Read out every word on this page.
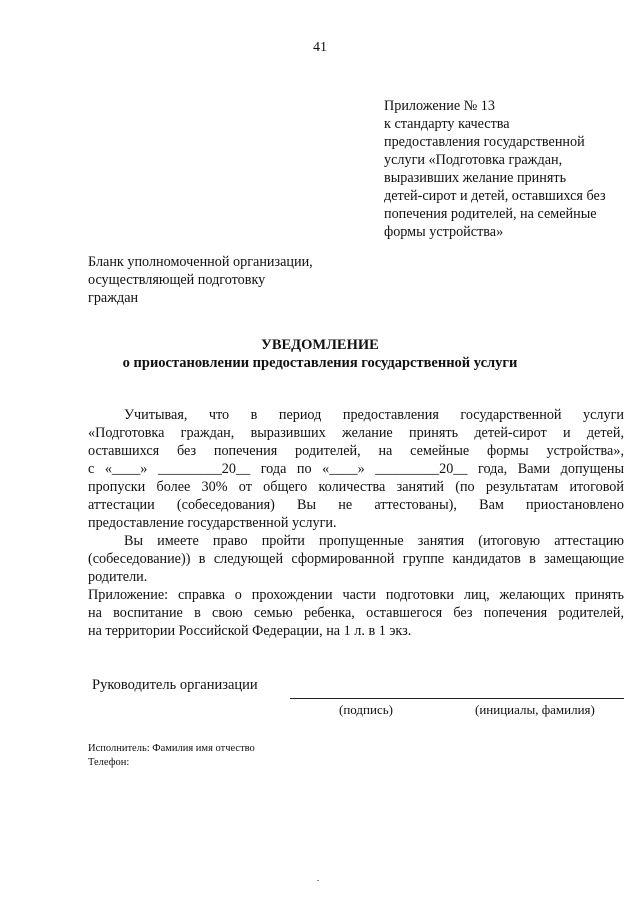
41
Приложение № 13
к стандарту качества
предоставления государственной
услуги «Подготовка граждан,
выразивших желание принять
детей-сирот и детей, оставшихся без
попечения родителей, на семейные
формы устройства»
Бланк уполномоченной организации,
осуществляющей подготовку
граждан
УВЕДОМЛЕНИЕ
о приостановлении предоставления государственной услуги
Учитывая, что в период предоставления государственной услуги
«Подготовка граждан, выразивших желание принять детей-сирот и детей,
оставшихся без попечения родителей, на семейные формы устройства»,
с «____» _________20__ года по «____» _________20__ года, Вами допущены
пропуски более 30% от общего количества занятий (по результатам итоговой
аттестации (собеседования) Вы не аттестованы), Вам приостановлено
предоставление государственной услуги.
Вы имеете право пройти пропущенные занятия (итоговую аттестацию
(собеседование)) в следующей сформированной группе кандидатов в замещающие
родители.
Приложение: справка о прохождении части подготовки лиц, желающих принять
на воспитание в свою семью ребенка, оставшегося без попечения родителей,
на территории Российской Федерации, на 1 л. в 1 экз.
Руководитель организации
(подпись)	(инициалы, фамилия)
Исполнитель: Фамилия имя отчество
Телефон:
